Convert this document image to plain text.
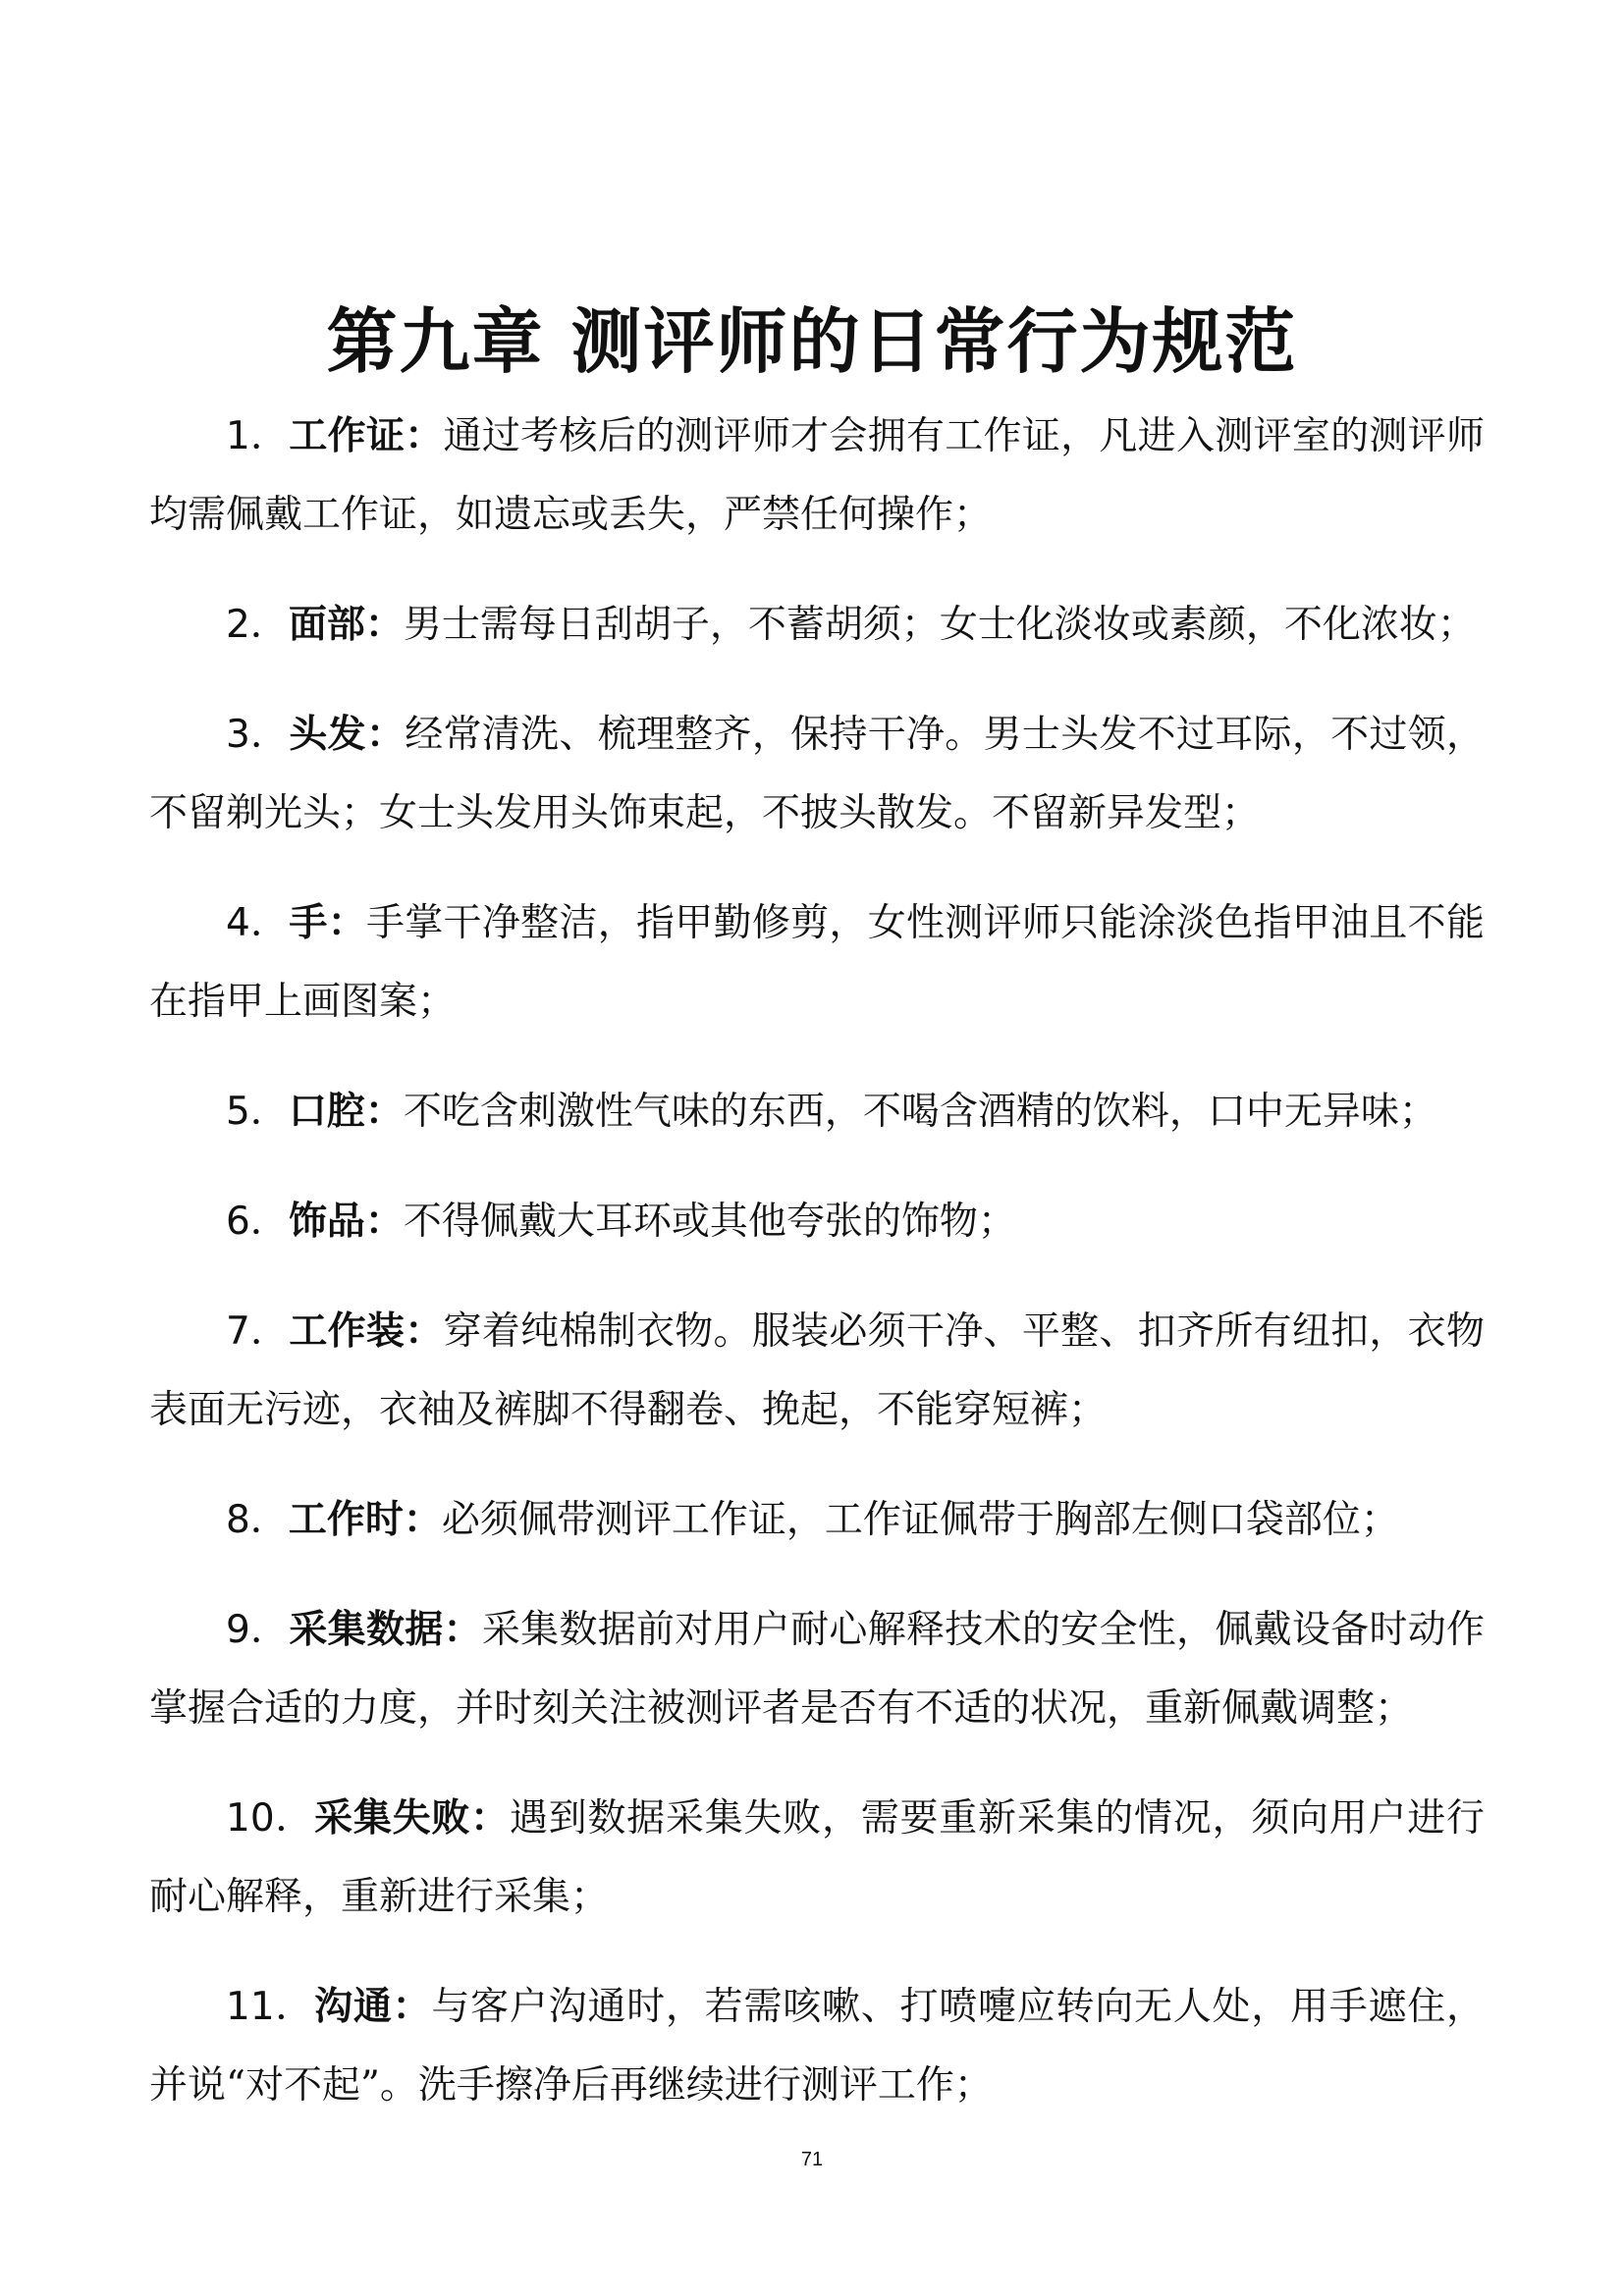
第九章 测评师的日常行为规范

1．工作证：通过考核后的测评师才会拥有工作证，凡进入测评室的测评师均需佩戴工作证，如遗忘或丢失，严禁任何操作；

2．面部：男士需每日刮胡子，不蓄胡须；女士化淡妆或素颜，不化浓妆；

3．头发：经常清洗、梳理整齐，保持干净。男士头发不过耳际，不过领，不留剃光头；女士头发用头饰束起，不披头散发。不留新异发型；

4．手：手掌干净整洁，指甲勤修剪，女性测评师只能涂淡色指甲油且不能在指甲上画图案；

5．口腔：不吃含刺激性气味的东西，不喝含酒精的饮料，口中无异味；

6．饰品：不得佩戴大耳环或其他夸张的饰物；

7．工作装：穿着纯棉制衣物。服装必须干净、平整、扣齐所有纽扣，衣物表面无污迹，衣袖及裤脚不得翻卷、挽起，不能穿短裤；

8．工作时：必须佩带测评工作证，工作证佩带于胸部左侧口袋部位；

9．采集数据：采集数据前对用户耐心解释技术的安全性，佩戴设备时动作掌握合适的力度，并时刻关注被测评者是否有不适的状况，重新佩戴调整；

10．采集失败：遇到数据采集失败，需要重新采集的情况，须向用户进行耐心解释，重新进行采集；

11．沟通：与客户沟通时，若需咳嗽、打喷嚏应转向无人处，用手遮住，并说“对不起”。洗手擦净后再继续进行测评工作；

71
